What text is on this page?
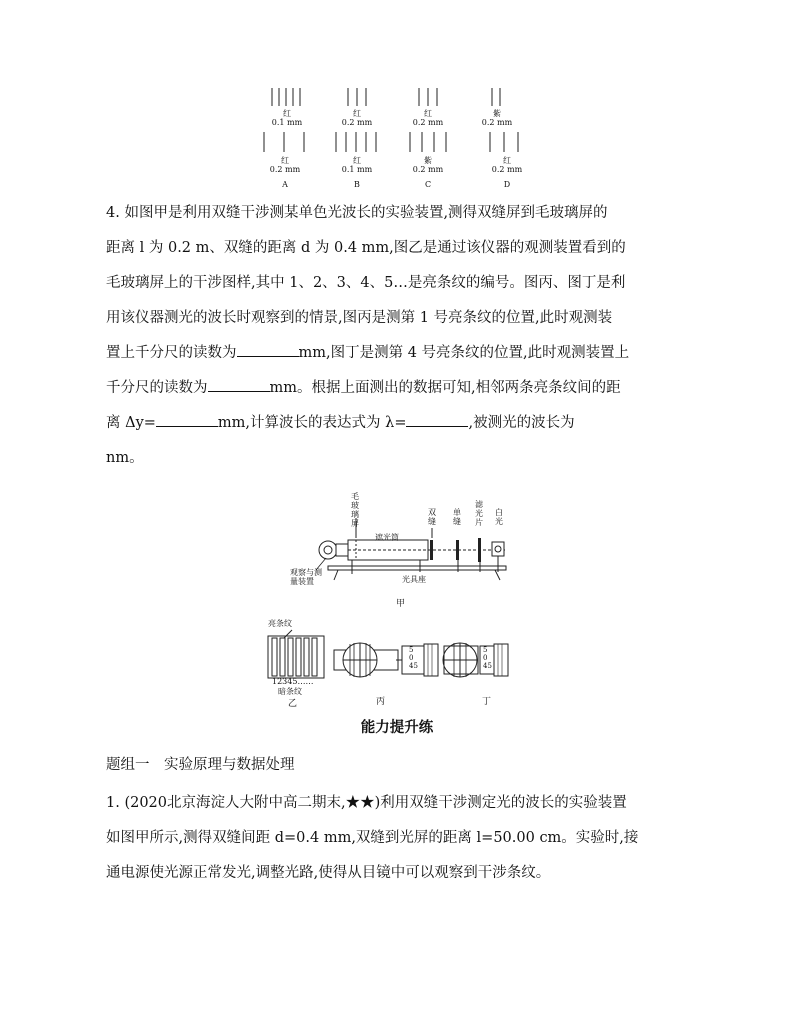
红
0.1 mm
红
0.2 mm
红
0.2 mm
紫
0.2 mm
红
0.2 mm
A
红
0.1 mm
B
紫
0.2 mm
C
红
0.2 mm
D
4. 如图甲是利用双缝干涉测某单色光波长的实验装置,测得双缝屏到毛玻璃屏的
距离 l 为 0.2 m、双缝的距离 d 为 0.4 mm,图乙是通过该仪器的观测装置看到的
毛玻璃屏上的干涉图样,其中 1、2、3、4、5…是亮条纹的编号。图丙、图丁是利
用该仪器测光的波长时观察到的情景,图丙是测第 1 号亮条纹的位置,此时观测装
置上千分尺的读数为	mm,图丁是测第 4 号亮条纹的位置,此时观测装置上
千分尺的读数为	mm。根据上面测出的数据可知,相邻两条亮条纹间的距
离 Δy=	mm,计算波长的表达式为 λ=	,被测光的波长为
nm。
毛玻璃屏
遮光筒
双缝
单缝
滤光片
白光
观察与测量装置	光具座
甲
亮条纹
12345……
暗条纹
乙	丙	丁
5
0
45
5
0
45
能力提升练
题组一　实验原理与数据处理
1. (2020北京海淀人大附中高二期末,★★)利用双缝干涉测定光的波长的实验装置
如图甲所示,测得双缝间距 d=0.4 mm,双缝到光屏的距离 l=50.00 cm。实验时,接
通电源使光源正常发光,调整光路,使得从目镜中可以观察到干涉条纹。
